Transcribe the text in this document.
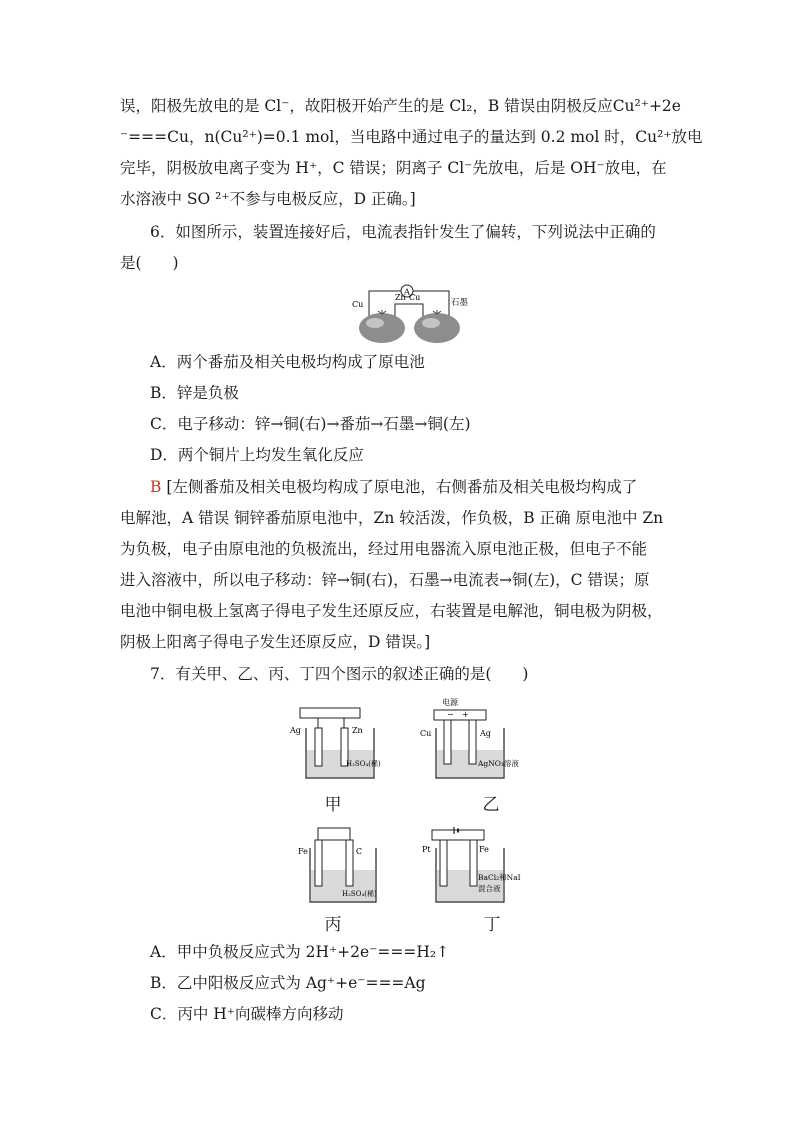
误，阳极先放电的是 Cl⁻，故阳极开始产生的是 Cl₂，B 错误由阴极反应Cu²⁺+2e
⁻===Cu，n(Cu²⁺)=0.1 mol，当电路中通过电子的量达到 0.2 mol 时，Cu²⁺放电
完毕，阴极放电离子变为 H⁺，C 错误；阴离子 Cl⁻先放电，后是 OH⁻放电，在
水溶液中 SO ²⁺不参与电极反应，D 正确。]
6．如图所示，装置连接好后，电流表指针发生了偏转，下列说法中正确的
是(　　)
A
Cu
Zn Cu
石墨
A．两个番茄及相关电极均构成了原电池
B．锌是负极
C．电子移动：锌→铜(右)→番茄→石墨→铜(左)
D．两个铜片上均发生氧化反应
B [左侧番茄及相关电极均构成了原电池，右侧番茄及相关电极均构成了
电解池，A 错误 铜锌番茄原电池中，Zn 较活泼，作负极，B 正确 原电池中 Zn
为负极，电子由原电池的负极流出，经过用电器流入原电池正极，但电子不能
进入溶液中，所以电子移动：锌→铜(右)，石墨→电流表→铜(左)，C 错误；原
电池中铜电极上氢离子得电子发生还原反应，右装置是电解池，铜电极为阴极，
阴极上阳离子得电子发生还原反应，D 错误。]
7．有关甲、乙、丙、丁四个图示的叙述正确的是(　　)
Ag	Zn
H₂SO₄(稀)
甲
电源
− +
Cu	Ag
AgNO₃溶液
乙
Fe	C
H₂SO₄(稀)
丙
Pt	Fe
BaCl₂和NaI
混合液
丁
A．甲中负极反应式为 2H⁺+2e⁻===H₂↑
B．乙中阳极反应式为 Ag⁺+e⁻===Ag
C．丙中 H⁺向碳棒方向移动
